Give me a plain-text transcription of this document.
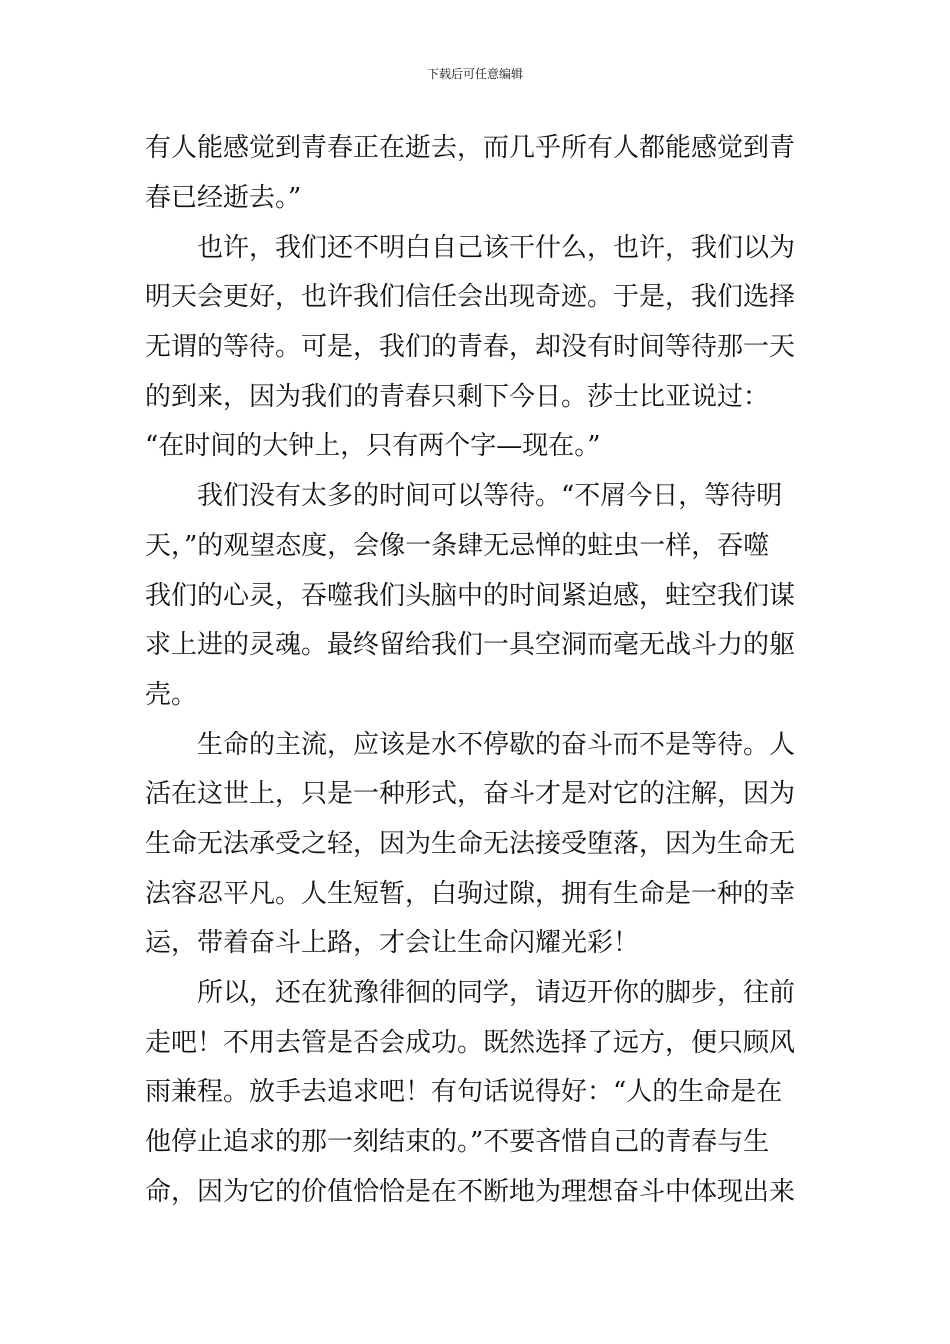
下载后可任意编辑
有人能感觉到青春正在逝去，而几乎所有人都能感觉到青
春已经逝去。”
　　也许，我们还不明白自己该干什么，也许，我们以为
明天会更好，也许我们信任会出现奇迹。于是，我们选择
无谓的等待。可是，我们的青春，却没有时间等待那一天
的到来，因为我们的青春只剩下今日。莎士比亚说过：
“在时间的大钟上，只有两个字—现在。”
　　我们没有太多的时间可以等待。“不屑今日，等待明
天，”的观望态度，会像一条肆无忌惮的蛀虫一样，吞噬
我们的心灵，吞噬我们头脑中的时间紧迫感，蛀空我们谋
求上进的灵魂。最终留给我们一具空洞而毫无战斗力的躯
壳。
　　生命的主流，应该是水不停歇的奋斗而不是等待。人
活在这世上，只是一种形式，奋斗才是对它的注解，因为
生命无法承受之轻，因为生命无法接受堕落，因为生命无
法容忍平凡。人生短暂，白驹过隙，拥有生命是一种的幸
运，带着奋斗上路，才会让生命闪耀光彩！
　　所以，还在犹豫徘徊的同学，请迈开你的脚步，往前
走吧！不用去管是否会成功。既然选择了远方，便只顾风
雨兼程。放手去追求吧！有句话说得好：“人的生命是在
他停止追求的那一刻结束的。”不要吝惜自己的青春与生
命，因为它的价值恰恰是在不断地为理想奋斗中体现出来
